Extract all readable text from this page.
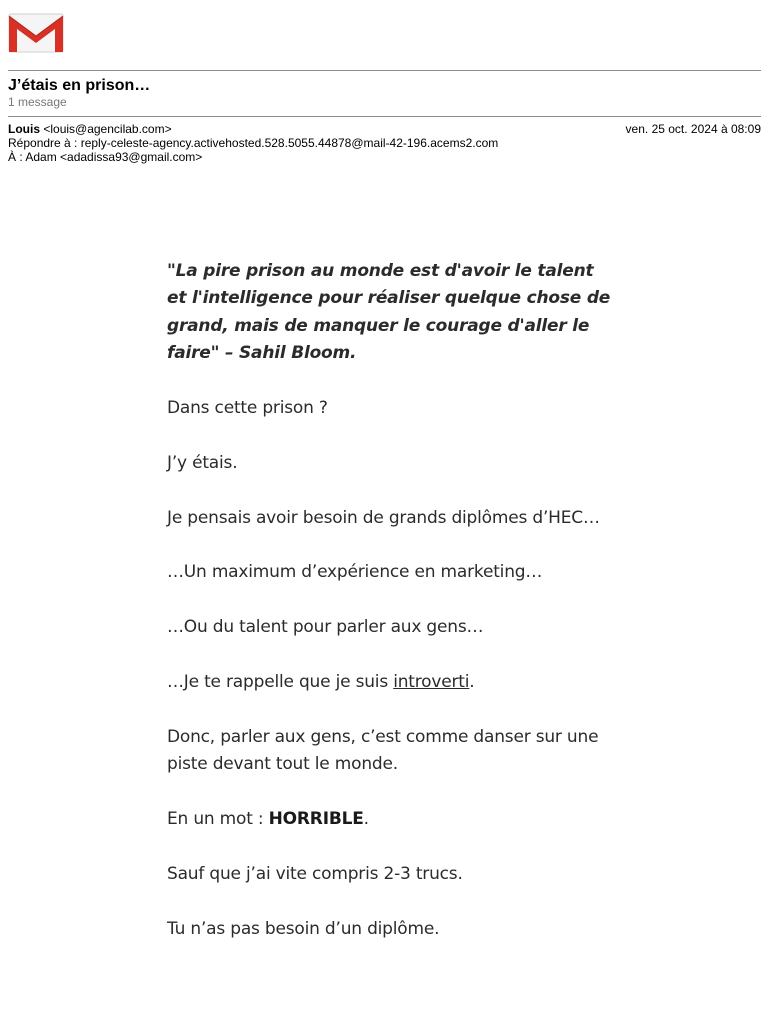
J’étais en prison…
1 message
Louis <louis@agencilab.com>	ven. 25 oct. 2024 à 08:09
Répondre à : reply-celeste-agency.activehosted.528.5055.44878@mail-42-196.acems2.com
À : Adam <adadissa93@gmail.com>

"La pire prison au monde est d'avoir le talent et l'intelligence pour réaliser quelque chose de grand, mais de manquer le courage d'aller le faire" – Sahil Bloom.

Dans cette prison ?

J’y étais.

Je pensais avoir besoin de grands diplômes d’HEC…

…Un maximum d’expérience en marketing…

…Ou du talent pour parler aux gens…

…Je te rappelle que je suis introverti.

Donc, parler aux gens, c’est comme danser sur une piste devant tout le monde.

En un mot : HORRIBLE.

Sauf que j’ai vite compris 2-3 trucs.

Tu n’as pas besoin d’un diplôme.
